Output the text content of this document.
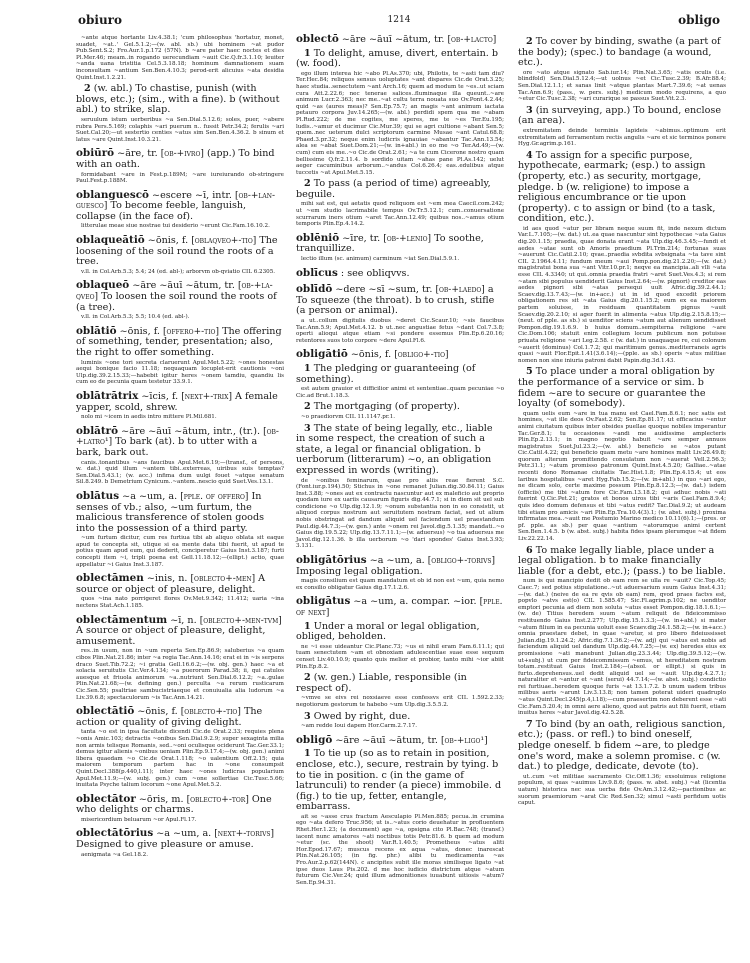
obiuro	1214	obligo

~ante atque hortante Liv.4.38.1; 'cum philosophus 'hortatur, monet, suadet, ~at..' Gel.5.1.2;—(w. abl. sb.) ubi hominem ~at pudor Pub.Sent.S.2; Fro.Aur.1.p.172 (57N). b ~are pater haec noctes et dies Pl.Mer.46; meam..in rogando uerecundiam ~auit Cic.Q.fr.3.1.10; leuiter ~anda uana tristitia Cel.5.3.18.18; hominum damnationem suam inconsultam ~antium Sen.Ben.4.10.3; perod-erit alicuius ~ata desidia Quint.Inst.1.2.21.

2 (w. abl.) To chastise, punish (with blows, etc.); (sim., with a fine). b (without abl.) to strike, slap.

seruulum istum uerberibus ~a Sen.Dial.5.12.6; soles, puer, ~abere rubra Pers.5.169; colaphis ~ari puerum n.. fussit Petr.34.2; ferulis ~ari Suet.Cal.20;—ut sestertio centies ~atus sim Sen.Ben.4.36.2. b sinum et latus ~are Quint.Inst.10.3.21.

obiūrō ~āre, tr. [ob-+ivro] (app.) To bind with an oath.

formidabant ~are in Fest.p.189M; ~are iureiurando ob-stringere Paul.Fest.p.188M.

oblanguescō ~escere ~ī, intr. [ob-+lan-guesco] To become feeble, languish, collapse (in the face of).

litterulae meae siue nostrae tui desiderio ~erunt Cic.Fam.16.10.2.

oblaqueātiō ~ōnis, f. [oblaqveo+-tio] The loosening of the soil round the roots of a tree.

v.ll. in Col.Arb.5.3; 5.4; 24 (ed. abl-); arborvm ob-qviatio CIL 6.2305.

oblaqueō ~āre ~āuī ~ātum, tr. [ob-+la-qveo] To loosen the soil round the roots of (a tree).

v.ll. in Col.Arb.5.3; 5.5; 10.4 (ed. abl-).

oblātiō ~ōnis, f. [offero+-tio] The offering of something, tender, presentation; also, the right to offer something.

luminis ~one tori secreta claruerunt Apul.Met.5.22; ~ones honestas aequi bonique facio 11.18; nequaquam locuplet-erit cautionis ~oni Ulp.dig.39.2.15.33;—habebit igitur heres ~onem tamdiu, quandiu lis cum eo de pecunia quam testetur 33.9.1.

oblātrātrix ~īcis, f. [next+-trix] A female yapper, scold, shrew.

nolo mi ~icem in aedis intro mittere Pl.Mil.681.

oblātrō ~āre ~āuī ~ātum, intr., (tr.). [ob-+latro¹] To bark (at). b to utter with a bark, bark out.

canis..tonantibus ~ans faucibus Apul.Met.6.19;—(transf., of persons, w. dat.) quid illum ~antem tibi..exterreas, uiribus suis temptas? Sen.Dial.5.43.1; (w. acc.) infima dum uulgi fouet ~atque senatum Sil.8.249. b Demetrium Cynicum..~antem..nescio quid Suet.Ves.13.1.

oblātus ~a ~um, a. [pple. of offero] In senses of vb.; also, ~um furtum, the malicious transference of stolen goods into the possession of a third party.

~um furtum dicitur, cum res furtiua tibi ab aliquo oblata sit eaque apud te concepta sit, utique si ea mente data tibi fuerit, ut apud te potius quam apud eum, qui dederit, conciperetur Gaius Inst.3.187; furti concepti item ~i, tripli poena est Gell.11.18.12;—(ellipt.) actio, quae appellatur ~i Gaius Inst.3.187.

oblectāmen ~inis, n. [oblecto+-men] A source or object of pleasure, delight.

quos ~ina nato porrigeret flores Ov.Met.9.342; 11.412; uaria ~ina nectens Stat.Ach.1.185.

oblectāmentum ~ī, n. [oblecto+-men-tvm] A source or object of pleasure, delight, amusement.

res..in usum, non in ~um reperta Sen.Ep.86.9; saluberius ~a quam cibos Plin.Nat.21.86; inter ~a regia Tac.Ann.14.16; erat ei in ~is serpens draco Suet.Tib.72.2; ~i gratia Gell.16.6.2;—(w. obj. gen.) haec ~a et solacia seruitutis Cic.Ver.4.134; ~a puerorum Parad.38; ii, qui catulos auesque et friuola animorum ~a..nutriunt Sen.Dial.6.12.2; ~a..gulae Plin.Nat.21.68;—(w. defining gen.) perculta ~a rerum rusticarum Cic.Sen.55; psaltriae sambucistriaeque et conuiualia alia ludorum ~a Liv.39.6.8; spectaculorum ~is Tac.Ann.14.21.

oblectātiō ~ōnis, f. [oblecto+-tio] The action or quality of giving delight.

tanta ~o est in ipsa facultate dicendi Cic.de Orat.2.33; requies plena ~onis Amic.103; detractis ~onibus Sen.Dial.9.2.9; super sexaginta milia non armis telisque Romanis, sed..~oni oculisque ociderunt Tac.Ger.33.1; demus igitur alienis ~onibus ueniam Plin.Ep.9.17.4;—(w. obj. gen.) animi libera quaedam ~o Cic.de Orat.1.118; ~o ualentium Off.2.15; quia maiorem temporum partem hac in ~one consumpsit Quint.Decl.388(p.440,l.11); inter haec ~ones ludicras popularium Apul.Met.11.9;—(w. subj. gen.) cum ~one sollertiae Cic.Tusc.5.66; inuitata Psyche talium locorum ~one Apul.Met.5.2.

oblectātor ~ōris, m. [oblecto+-tor] One who delights or charms.

misericordium beluarum ~or Apul.Fl.17.

oblectātōrius ~a ~um, a. [next+-torivs] Designed to give pleasure or amuse.

aenigmata ~a Gel.18.2.

oblectō ~āre ~āuī ~ātum, tr. [ob-+lacto]

1 To delight, amuse, divert, entertain. b (w. food).

ego illum interea hic ~abo Pl.As.370; ubi, Philotis, te ~asti tam diu? Ter.Hec.84; reliquos sensus uoluptates ~ant dispares Cic.de Orat.3.25; haec studia..senectutem ~ant Arch.16; quem ad modum te ~es..ut sciam cura Att.2.22.6; nec tenerae salices..fluminaque illa queunt..~are animum Lucr.2.363; nec me..~at cultu terra nouata suo Ov.Pont.4.2.44; quid ~as (aures meas)? Sen.Ep.75.7; an magis ~ant animum iactata petauro corpora Juv.14.265;—(w. abl.) perdidi spem qua me ~abam Pl.Rud.222; de me cogites, me speres, me te ~es Ter.Eu.195; ludis..~amur et ducimur Cic.Mur.39; qui se agri cultione ~abant Sen.5; quem..nec ueterum dulci scriptorum carmine Musae ~ant Catul.68.8; Phaed.3.pr.32; neque enim ludicris ignauiae ~abantur Tac.Ann.13.54; alea se ~abat Suet.Dom.21;—(w. in+abl.) in eo me ~o Ter.Ad.49;—(w. cum) cum eis me..~o Cic.de Orat.2.61; ~a te cum Cicerone nostro quam bellissime Q.fr.2.11.4. b sordido uitam ~ahas pane Pl.As.142; uelut aeger cacuminibus arborum..~andus Col.6.26.4; eas..edulibus atque tuccetis ~at Apul.Met.5.15.

2 To pass (a period of time) agreeably, beguile.

mihi sat est, qui aetatis quod reliquom est ~em mea Caecil.com.242; ut ~em studio lacrimabile tempus Ov.Tr.5.12.1; cum..conuersatione scurrarum iners otium ~aret Tac.Ann.12.49; quibus nos..~amus otium temporis Plin.Ep.4.14.2.

oblēniō ~īre, tr. [ob-+lenio] To soothe, tranquillize.

lectio illum (sc. animum) carminum ~iat Sen.Dial.5.9.1.

oblīcus : see obliqvvs.

oblīdō ~dere ~sī ~sum, tr. [ob-+laedo] a To squeeze (the throat). b to crush, stifle (a person or animal).

a ut..collum digitulis duobus ~deret Cic.Scaur.10; ~sis faucibus Tac.Ann.5.9; Apul.Met.4.12. b ut..nec angustiae fetus ~dant Col.7.3.8; operti alioqui atque etiam ~si pondere essemus Plin.Ep.6.20.16; retentores suos toto corpore ~dere Apul.Fl.6.

obligātiō ~ōnis, f. [obligo+-tio]

1 The pledging or guaranteeing (of something).

est autem grauior et difficilior animi et sententiae..quam pecuniae ~o Cic.ad Brut.1.18.3.

2 The mortgaging (of property).

~o praediorvm CIL 11.1147.pr.1.

3 The state of being legally, etc., liable in some respect, the creation of such a state, a legal or financial obligation. b uerborum (litterarum) ~o, an obligation expressed in words (writing).

de ~onibus feminarum, quae pro aliis reae fierent S.C. (Font.iur.p.194).50; Stichus in ~one remanet Julian.dig.30.84.11; Gaius Inst.3.88; ~ones aut ex contractu nascuntur aut ex maleficio aut proprio quodam iure ex uariis causarum figuris dig.44.7.1; si in diem sit uel sub condicione ~o Ulp.dig.12.1.9; ~onum substantia non in eo consistit, ut aliquod corpus nostrum aut seruitutem nostram faciat, sed ut alium nobis obstringat ad dandum aliquid uel faciendum uel praestandum Paul.dig.44.7.3;—(w. gen.) ante ~onem rei Javol.dig.5.1.35; mandati..~o Gaius dig.19.5.22; Ulp.dig.13.7.11.1;—(w. aduersus) ~o tua aduersus me Javol.dig.12.1.36. b illa uerborum ~o 'dari spondes' Gaius Inst.3.93; 3.131.

obligātōrius ~a ~um, a. [obligo+-torivs] Imposing legal obligation.

magis consilium est quam mandatum et ob id non est ~um, quia nemo ex consilio obligatur Gaius dig.17.1.2.6.

obligātus ~a ~um, a. compar. ~ior. [pple. of next]

1 Under a moral or legal obligation, obliged, beholden.

ne ~i esse uideantur Cic.Planc.73; ~us ei nihil eram Fam.6.11.1; qui tuam senectutem ~am et obnoxiam adulescentiae suae esse sequum censet Liv.40.10.9; quanto quis melior et probior, tanto mihi ~ior abiit Plin.Ep.8.2.

2 (w. gen.) Liable, responsible (in respect of).

~vmve se eivs rei noxsiaeve esse confessvs erit CIL 1.592.2.33; negotiorum gestorum te habebo ~um Ulp.dig.3.5.5.2.

3 Owed by right, due.

~am redde Ioui dapem Hor.Carm.2.7.17.

obligō ~āre ~āuī ~ātum, tr. [ob-+ligo¹]

1 To tie up (so as to retain in position, enclose, etc.), secure, restrain by tying. b to tie in position. c (in the game of latrunculi) to render (a piece) immobile. d (fig.) to tie up, fetter, entangle, embarrass.

ait se ~asse crus fractum Aesculapio Pl.Men.885; pecua..in crumina ego ~ata defero Truc.956; ut is..~atus corio deuehatur in profluentem Rhet.Her.1.23; (a document) age ~a, opsigna cito Pl.Bac.748; (transf.) iacent nunc amatores ~ati noctibus totis Petr.81.6. b quem ad modum ~etur (sc. the shoot) Var.R.1.40.5; Prometheus ~atus aliti Hor.Epod.17.67; muscus recens ex aqua ~atus, donec inarescat Plin.Nat.26.105; (in fig. phr.) alibi tu medicamenta ~as Fro.Aur.2.p.62(144N). c ancipites subit ille moras similisque ligato ~at ipse duos Laus Pis.202. d me hoc iudicio districtum atque ~atum futurum Cic.Ver.24; quid illum admonitiones iuuabunt uitiosis ~atum? Sen.Ep.94.31.

2 To cover by binding, swathe (a part of the body); (spec.) to bandage (a wound, etc.).

ore ~ato atque signato Sab.iur.14; Plin.Nat.3.65; ~atis oculis (i.e. blindfold) Sen.Dial.5.12.4;—ut uolnus ~et Cic.Tusc.2.39; B.Afr.88.4; Sen.Dial.12.1.1; et sanas linit ~atque plantas Mart.7.39.6; ~at uenas Tac.Ann.6.9; (pass., w. pers. subj.) medicum modo requirens, a quo ~etur Cic.Tusc.2.38; ~ari curarique se passus Suet.Vit.2.3.

3 (in surveying, app.) To bound, enclose (an area).

extremitatem deinde terminis lapideis ~abimus..optimum erit extremitatem ad ferramentum rectis angulis ~are et sic terminos ponere Hyg.Gr.agrim.p.161.

4 To assign for a specific purpose, hypothecate, earmark; (esp.) to assign (property, etc.) as security, mortgage, pledge. b (w. religione) to impose a religious encumbrance or tie upon (property). c to assign or bind (to a task, condition, etc.).

id aes quod ~atur per libram neque suum fit, inde nexum dictum Var.L.7.105;—(w. dat.) ut..ea quae nascuntur sint hypothecae ~ata Gaius dig.20.1.15; praedia, quae donata erant ~ata Ulp.dig.46.3.45;—fundi et aedes ~atae sunt ob Amoris praedium Pl.Trin.214; fortunas suas ~auerunt Cic.Catil.2.10; qvae..praedia svbdita svbsignata ~ta tave sint CIL 2.1964.4.11; fundum meum ~aui Pomp.pon.dig.21.2.20;—(w. dat.) magistratui bona sua ~ant Vitr.10.pr.1; neqve ea mancipia..ali vlli ~ata esse CIL 4.3340; ut qui..omnia praedia fratri ~aret Suet.Ves.4.3; si rem ~atam sibi populus uendiderit Gaius Inst.2.64;—(w. pignori) creditor eas aedes pignori sibi ~atas persequi uult Afric.dig.39.2.44.1; Scaev.dig.13.7.43;—(w. in+acc.) ut in id quod excedit priorem obligationem res sit ~ata Gaius dig.20.1.15.2; eum ex ea maiorem partem soluisse, in residuam quantitatem pignus ~auit Scaev.dig.20.2.10; si ager fuerit in alimenta ~atus Ulp.dig.2.15.8.15;—(neut. of pple. as sb.) si uenditor sciens ~atum aut alienum uendidisset Pompon.dig.19.1.6.9. b huius domum..sempiterna religione ~are Cic.Dom.106; statuit enim collegium locum publicum non potuisse priuata religione ~ari Leg.2.58. c (w. dat.) in unaquaque re, cui colonum ~auerit (dominus) Col.1.7.2; qui maritimum genus..mediterraneis agris quasi ~auit Flor.Epit.1.41(3.6.14);—(pple. as sb.) operis ~atus militiae nomen non sine iniuria patroni dabit Papin.dig.3d.1.43.

5 To place under a moral obligation by the performance of a service or sim. b fidem ~are to secure or guarantee the loyalty (of somebody).

quam uelis eum ~are in tua manu est Cael.Fam.8.6.1; nec satis est homines, ~at ille deos Ov.Fast.2.62; Sen.Ep.81.17; ut efficacius ~entur animi ciuitatum quibus inter obsides puellae quoque nobiles imperantur Tac.Ger.8.1; tu occasiones ~andi me auidissime amplecteris Plin.Ep.2.13.1; in magno negotio habuit ~are semper annuos magistratus Suet.Jul.23.2;—(w. abl.) beneficio se ~atos putant Cic.Catil.4.22; qui beneficio quam metu ~are homines malit Liv.26.49.8; quorum alterum promittendo consulatum non ~auerat Vell.2.56.3; Petr.31.1; ~atum promisso patronum Quint.Inst.4.5.20; Galliae..~atae recenti dono Romanae ciuitatis Tac.Hist.1.8; Plin.Ep.4.15.4; ut eos laribus hospitalibus ~aret Hyg.Fab.15.2;—(w. in+abl.) in quo ~ari ego, ne dicam solo, certe maxime possum Plin.Ep.8.12.3;—(w. dat.) isdem (officiis) me tibi ~atum fore Cic.Fam.13.18.2; qui adhuc nobis ~ati fuerint Q.Cic.Pet.21; gratos et bonos uiros tibi ~aris Cael.Fam.8.9.4; quis ideo domum defensus et tibi ~atus redit? Tac.Dial.9.2; ut audeam tibi etiam pro amicis ~ari Plin.Ep.Tra.10.4(3).1; (w. abst. subj.) proxima infirmatas mea..~auit me Postumio Marino medico 10.11(6).1;—(pres. or pf. pple. as sb.) per quae ~antium ~atorumque animi certent Sen.Ben.1.4.5. b (w. abst. subj.) habita fides ipsam plerumque ~at fidem Liv.22.22.14.

6 To make legally liable, place under a legal obligation. b to make financially liable (for a debt, etc.); (pass.) to be liable.

num is qui mancipio dedit ob eam rem se ulla re ~auit? Cic.Top.45; Caec.7; sed potius stipulatione..~ut aduersarium suum Gaius Inst.4.31;—(w. dat.) (neive de ea re qvis ob eam) rem, qvod praes factvs est, popvlo ~atvs est(o) CIL 1.585.47; Sic.Fl.agrim.p.102; ne uenditor emptori pecunia ad diem non soluta ~atus esset Pompon.dig.18.1.6.1;—(w. de) Titius heredem suum ~atum reliquit de fideicommisso restituendo Gaius Inst.2.277; Ulp.dig.15.1.3.3;—(w. in+abl.) si mater ~atum filium in ea pecunia uoluit esse Scaev.dig.24.1.58.2;—(w. in+acc.) omnia praestare debet, in quae ~aretur, si pro libero fideiussisset Julian.dig.19.1.24.2; Afric.dig.7.1.36.2;—(w. adj) qui ~atus est nobis ad faciendum aliquid uel dandum Ulp.dig.44.7.25;—(w. ex) heredes eius ex promissione ~ati manebunt Julian.dig.23.3.44; Ulp.dig.39.5.12;—(w. ut+subj.) ut cum per fideicommissum ~emus, ut hereditatem nostram totam..restituat Gaius Inst.2.184;—(absol. or ellipt.) si quis in furto..deprehensus..uel dedit aliquid uel se ~auit Ulp.dig.4.2.7.1; naturaliter et ~antur et ~ant (serui) 44.7.14;—(w. abst. subj.) condictio rei furtiuae..heredem quoque furis ~at 13.1.7.2. b unum uadem tribus milibus aeris ~arunt Liv.3.13.8; non tamen poterat uideri quadruplo ~atus Quint.Decl.245(p.4,l.18);—cum praesertim non deberent esse ~ati Cic.Fam.5.20.4; in omni aere alieno, quod aut patris aut filii fuerit, etiam inuitus heres ~atur Javol.dig.42.5.28.

7 To bind (by an oath, religious sanction, etc.); (pass. or refl.) to bind oneself, pledge oneself. b fidem ~are, to pledge one's word, make a solemn promise. c (w. dat.) to pledge, dedicate, devote (to).

ut..cum ~et militiae sacramento Cic.Off.1.36; exsoluimus religione populum, si quas ~auimus Liv.9.8.6; (pass. w. abst. subj.) ~at (licentia uatum) historica nec sua uerba fide Ov.Am.3.12.42;—pactionibus ac suorum praemiorum ~arat Cic Red.Sen.32; simul ~asti perfidum uotis caput.
